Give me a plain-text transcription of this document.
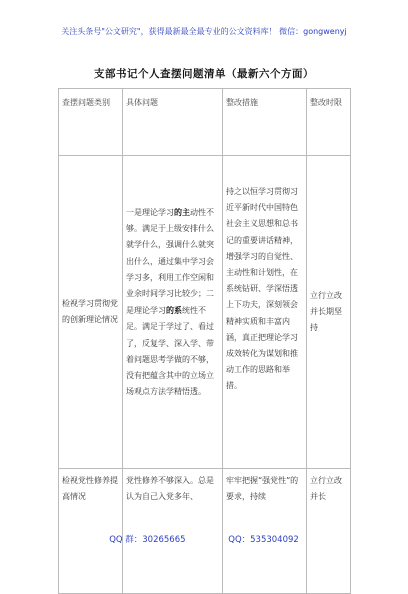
关注头条号"公文研究"，获得最新最全最专业的公文资料库！ 微信：gongwenyj
支部书记个人查摆问题清单（最新六个方面）
查摆问题类别	具体问题	整改措施	整改时限
检视学习贯彻党的创新理论情况	一是理论学习的主动性不够。满足于上级安排什么就学什么，强调什么就突出什么，通过集中学习会学习多，利用工作空闲和业余时间学习比较少；二是理论学习的系统性不足。满足于学过了、看过了，反复学、深入学、带着问题思考学做的不够，没有把蕴含其中的立场立场观点方法学精悟透。	持之以恒学习贯彻习近平新时代中国特色社会主义思想和总书记的重要讲话精神，增强学习的自觉性、主动性和计划性，在系统钻研、学深悟透上下功夫，深刻领会精神实质和丰富内涵，真正把理论学习成效转化为谋划和推动工作的思路和举措。	立行立改并长期坚持
检视党性修养提高情况	党性修养不够深入。总是认为自己入党多年、	牢牢把握“强党性”的要求，持续	立行立改并长
QQ 群：30265665	QQ：535304092
